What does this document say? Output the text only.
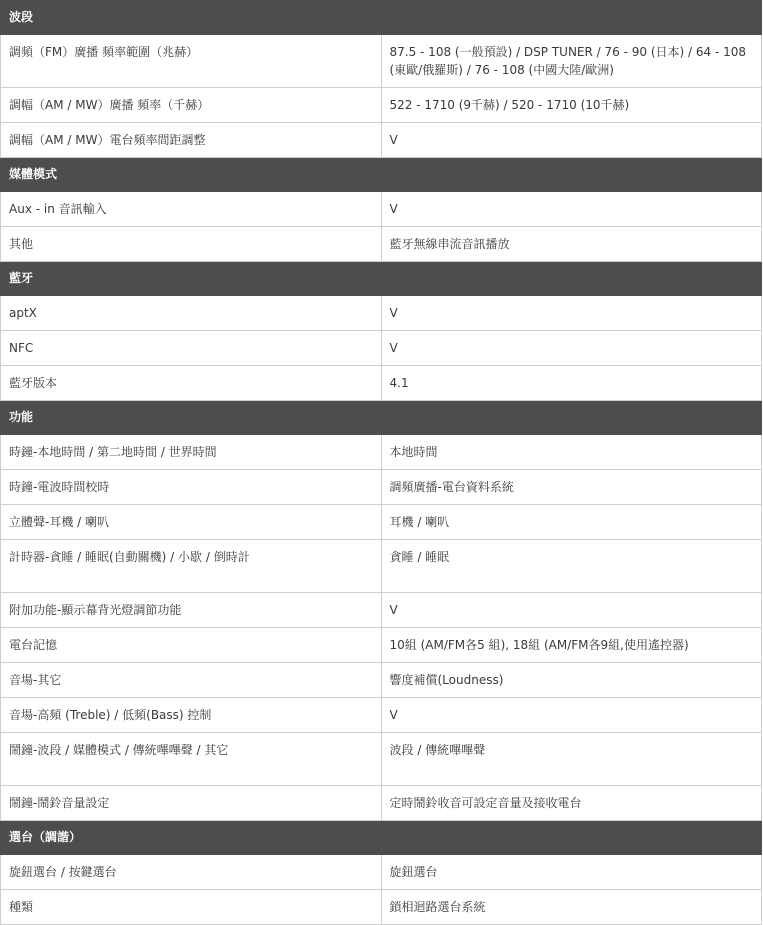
波段	
調頻（FM）廣播 頻率範圍（兆赫）	87.5 - 108 (一般預設) / DSP TUNER / 76 - 90 (日本) / 64 - 108 (東歐/俄羅斯) / 76 - 108 (中國大陸/歐洲)
調幅（AM / MW）廣播 頻率（千赫）	522 - 1710 (9千赫) / 520 - 1710 (10千赫)
調幅（AM / MW）電台頻率間距調整	V
媒體模式	
Aux - in 音訊輸入	V
其他	藍牙無線串流音訊播放
藍牙	
aptX	V
NFC	V
藍牙版本	4.1
功能	
時鐘-本地時間 / 第二地時間 / 世界時間	本地時間
時鐘-電波時間校時	調頻廣播-電台資料系統
立體聲-耳機 / 喇叭	耳機 / 喇叭
計時器-貪睡 / 睡眠(自動關機) / 小歇 / 倒時計	貪睡 / 睡眠
附加功能-顯示幕背光燈調節功能	V
電台記憶	10組 (AM/FM各5 組), 18組 (AM/FM各9組,使用遙控器)
音場-其它	響度補償(Loudness)
音場-高頻 (Treble) / 低頻(Bass) 控制	V
鬧鐘-波段 / 媒體模式 / 傳統嗶嗶聲 / 其它	波段 / 傳統嗶嗶聲
鬧鐘-鬧鈴音量設定	定時鬧鈴收音可設定音量及接收電台
選台（調諧）	
旋鈕選台 / 按鍵選台	旋鈕選台
種類	鎖相迴路選台系統
